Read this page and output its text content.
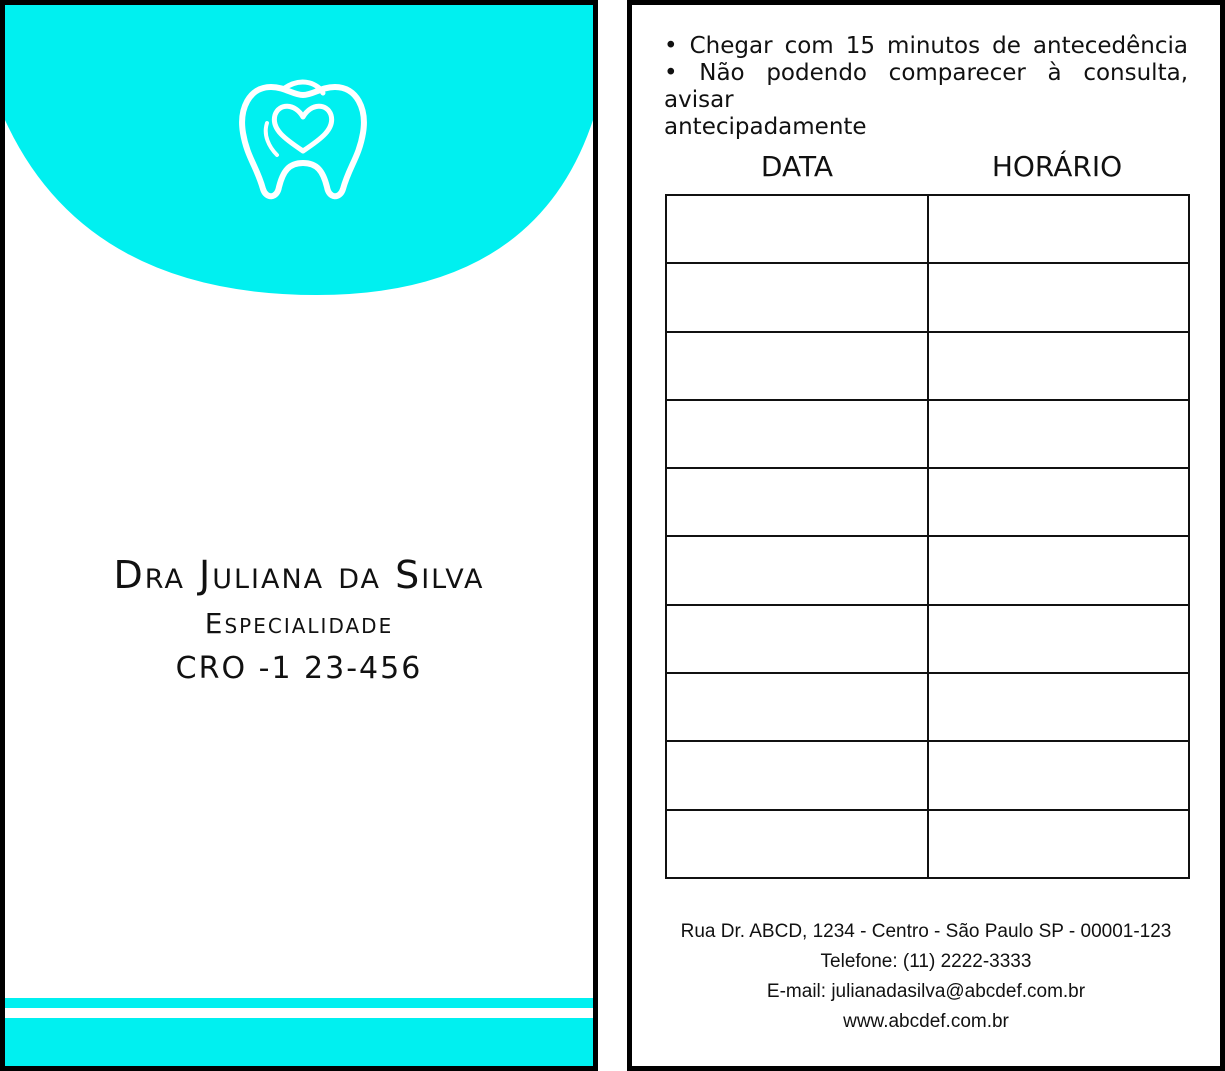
Dra Juliana da Silva
Especialidade
CRO -1 23-456
• Chegar com 15 minutos de antecedência
• Não podendo comparecer à consulta, avisar
antecipadamente
DATA	HORÁRIO

Rua Dr. ABCD, 1234 - Centro - São Paulo SP - 00001-123
Telefone: (11) 2222-3333
E-mail: julianadasilva@abcdef.com.br
www.abcdef.com.br
